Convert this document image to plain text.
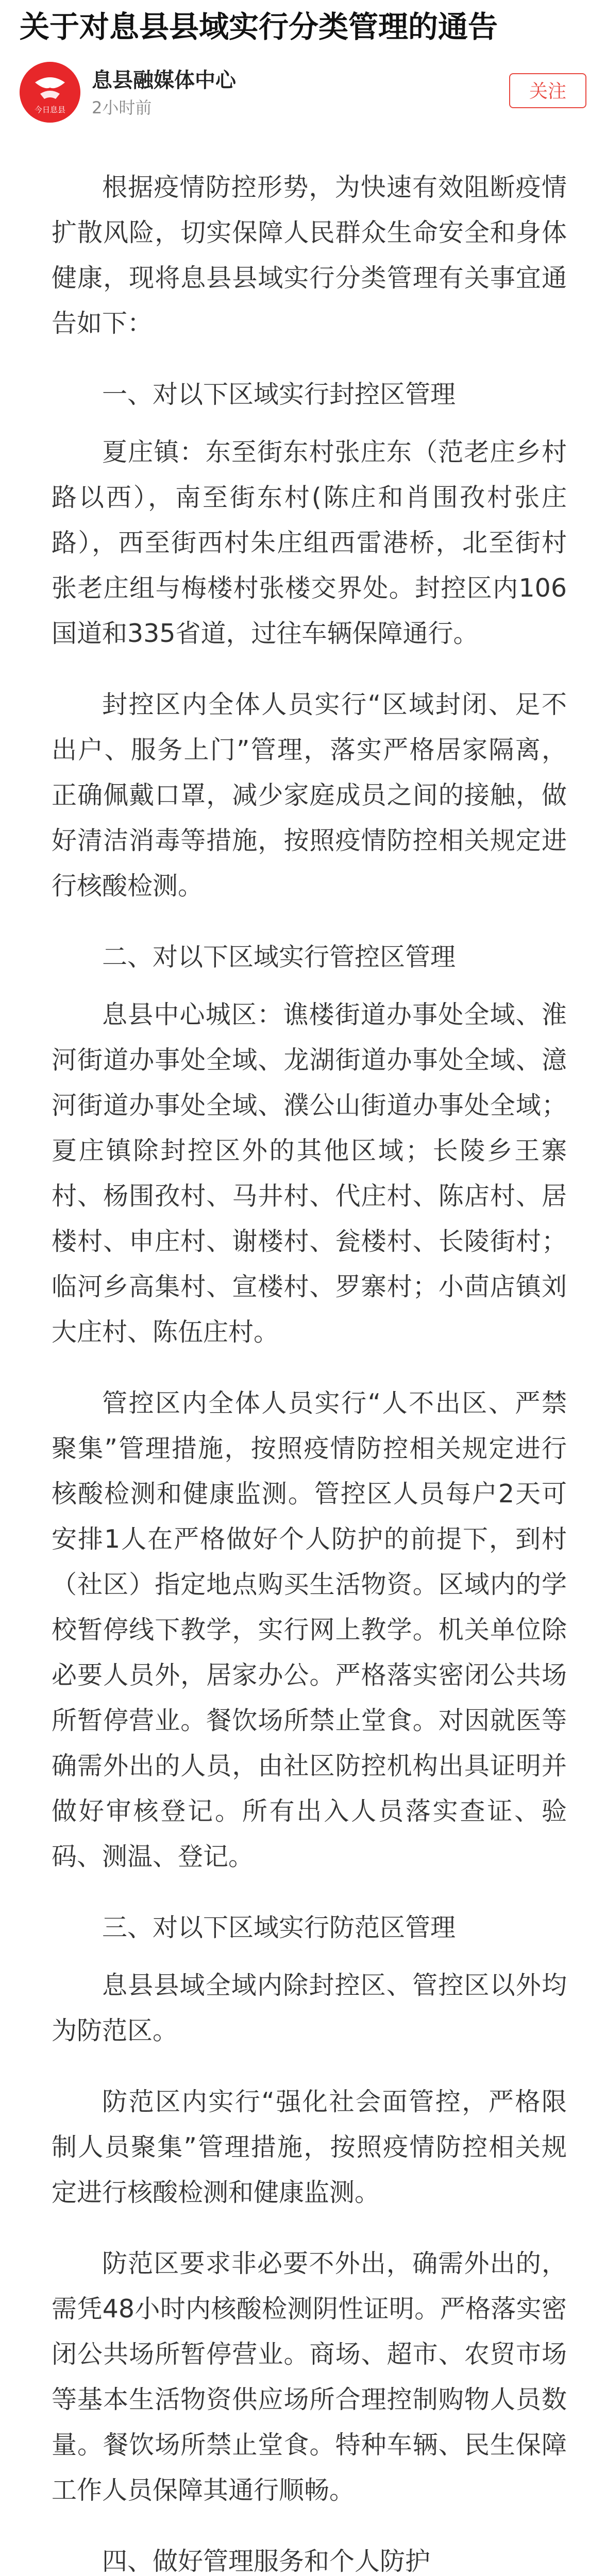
关于对息县县域实行分类管理的通告
今日息县
息县融媒体中心
2小时前
关注

根据疫情防控形势，为快速有效阻断疫情扩散风险，切实保障人民群众生命安全和身体健康，现将息县县域实行分类管理有关事宜通告如下：

一、对以下区域实行封控区管理

夏庄镇：东至街东村张庄东（范老庄乡村路以西），南至街东村(陈庄和肖围孜村张庄路），西至街西村朱庄组西雷港桥，北至街村张老庄组与梅楼村张楼交界处。封控区内106国道和335省道，过往车辆保障通行。

封控区内全体人员实行“区域封闭、足不出户、服务上门”管理，落实严格居家隔离，正确佩戴口罩，减少家庭成员之间的接触，做好清洁消毒等措施，按照疫情防控相关规定进行核酸检测。

二、对以下区域实行管控区管理

息县中心城区：谯楼街道办事处全域、淮河街道办事处全域、龙湖街道办事处全域、澺河街道办事处全域、濮公山街道办事处全域；夏庄镇除封控区外的其他区域；长陵乡王寨村、杨围孜村、马井村、代庄村、陈店村、居楼村、申庄村、谢楼村、瓮楼村、长陵街村；临河乡高集村、宣楼村、罗寨村；小茴店镇刘大庄村、陈伍庄村。

管控区内全体人员实行“人不出区、严禁聚集”管理措施，按照疫情防控相关规定进行核酸检测和健康监测。管控区人员每户2天可安排1人在严格做好个人防护的前提下，到村（社区）指定地点购买生活物资。区域内的学校暂停线下教学，实行网上教学。机关单位除必要人员外，居家办公。严格落实密闭公共场所暂停营业。餐饮场所禁止堂食。对因就医等确需外出的人员，由社区防控机构出具证明并做好审核登记。所有出入人员落实查证、验码、测温、登记。

三、对以下区域实行防范区管理

息县县域全域内除封控区、管控区以外均为防范区。

防范区内实行“强化社会面管控，严格限制人员聚集”管理措施，按照疫情防控相关规定进行核酸检测和健康监测。

防范区要求非必要不外出，确需外出的，需凭48小时内核酸检测阴性证明。严格落实密闭公共场所暂停营业。商场、超市、农贸市场等基本生活物资供应场所合理控制购物人员数量。餐饮场所禁止堂食。特种车辆、民生保障工作人员保障其通行顺畅。

四、做好管理服务和个人防护
